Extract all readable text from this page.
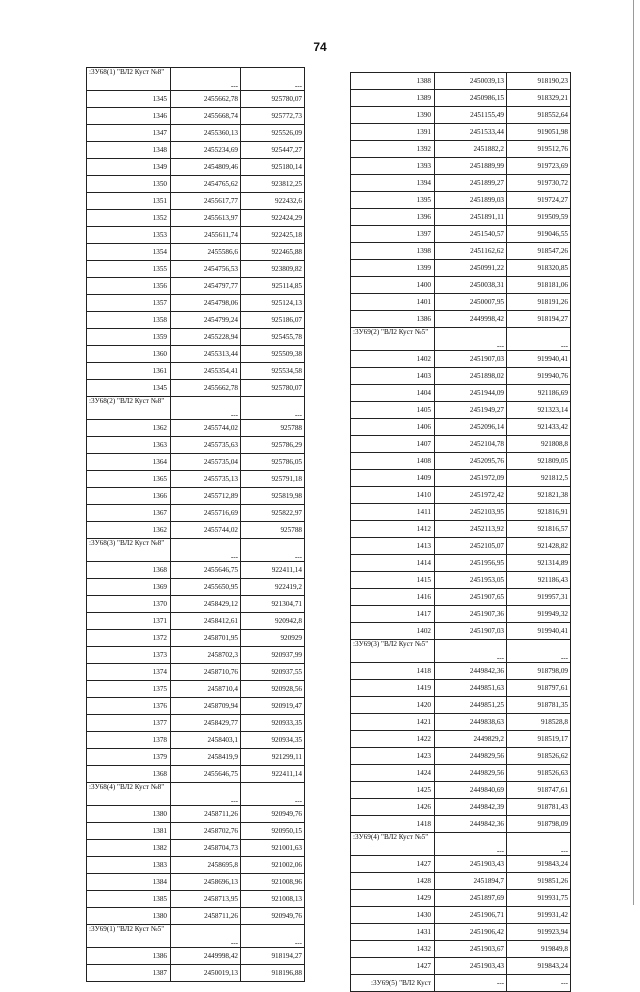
74
:3У68(1) "ВЛ2 Куст №8"	---	---
1345	2455662,78	925780,07
1346	2455668,74	925772,73
1347	2455360,13	925526,09
1348	2455234,69	925447,27
1349	2454809,46	925180,14
1350	2454765,62	923812,25
1351	2455617,77	922432,6
1352	2455613,97	922424,29
1353	2455611,74	922425,18
1354	2455586,6	922465,88
1355	2454756,53	923809,82
1356	2454797,77	925114,85
1357	2454798,06	925124,13
1358	2454799,24	925186,07
1359	2455228,94	925455,78
1360	2455313,44	925509,38
1361	2455354,41	925534,58
1345	2455662,78	925780,07
:3У68(2) "ВЛ2 Куст №8"	---	---
1362	2455744,02	925788
1363	2455735,63	925786,29
1364	2455735,04	925786,05
1365	2455735,13	925791,18
1366	2455712,89	925819,98
1367	2455716,69	925822,97
1362	2455744,02	925788
:3У68(3) "ВЛ2 Куст №8"	---	---
1368	2455646,75	922411,14
1369	2455650,95	922419,2
1370	2458429,12	921304,71
1371	2458412,61	920942,8
1372	2458701,95	920929
1373	2458702,3	920937,99
1374	2458710,76	920937,55
1375	2458710,4	920928,56
1376	2458709,94	920919,47
1377	2458429,77	920933,35
1378	2458403,1	920934,35
1379	2458419,9	921299,11
1368	2455646,75	922411,14
:3У68(4) "ВЛ2 Куст №8"	---	---
1380	2458711,26	920949,76
1381	2458702,76	920950,15
1382	2458704,73	921001,63
1383	2458695,8	921002,06
1384	2458696,13	921008,96
1385	2458713,95	921008,13
1380	2458711,26	920949,76
:3У69(1) "ВЛ2 Куст №5"	---	---
1386	2449998,42	918194,27
1387	2450019,13	918196,88
1388	2450039,13	918190,23
1389	2450986,15	918329,21
1390	2451155,49	918552,64
1391	2451533,44	919051,98
1392	2451882,2	919512,76
1393	2451889,99	919723,69
1394	2451899,27	919730,72
1395	2451899,03	919724,27
1396	2451891,11	919509,59
1397	2451540,57	919046,55
1398	2451162,62	918547,26
1399	2450991,22	918320,85
1400	2450038,31	918181,06
1401	2450007,95	918191,26
1386	2449998,42	918194,27
:3У69(2) "ВЛ2 Куст №5"	---	---
1402	2451907,03	919940,41
1403	2451898,02	919940,76
1404	2451944,09	921186,69
1405	2451949,27	921323,14
1406	2452096,14	921433,42
1407	2452104,78	921808,8
1408	2452095,76	921809,05
1409	2451972,09	921812,5
1410	2451972,42	921821,38
1411	2452103,95	921816,91
1412	2452113,92	921816,57
1413	2452105,07	921428,82
1414	2451956,95	921314,89
1415	2451953,05	921186,43
1416	2451907,65	919957,31
1417	2451907,36	919949,32
1402	2451907,03	919940,41
:3У69(3) "ВЛ2 Куст №5"	---	---
1418	2449842,36	918798,09
1419	2449851,63	918797,61
1420	2449851,25	918781,35
1421	2449838,63	918528,8
1422	2449829,2	918519,17
1423	2449829,56	918526,62
1424	2449829,56	918526,63
1425	2449840,69	918747,61
1426	2449842,39	918781,43
1418	2449842,36	918798,09
:3У69(4) "ВЛ2 Куст №5"	---	---
1427	2451903,43	919843,24
1428	2451894,7	919851,26
1429	2451897,69	919931,75
1430	2451906,71	919931,42
1431	2451906,42	919923,94
1432	2451903,67	919849,8
1427	2451903,43	919843,24
:3У69(5) "ВЛ2 Куст	---	---
